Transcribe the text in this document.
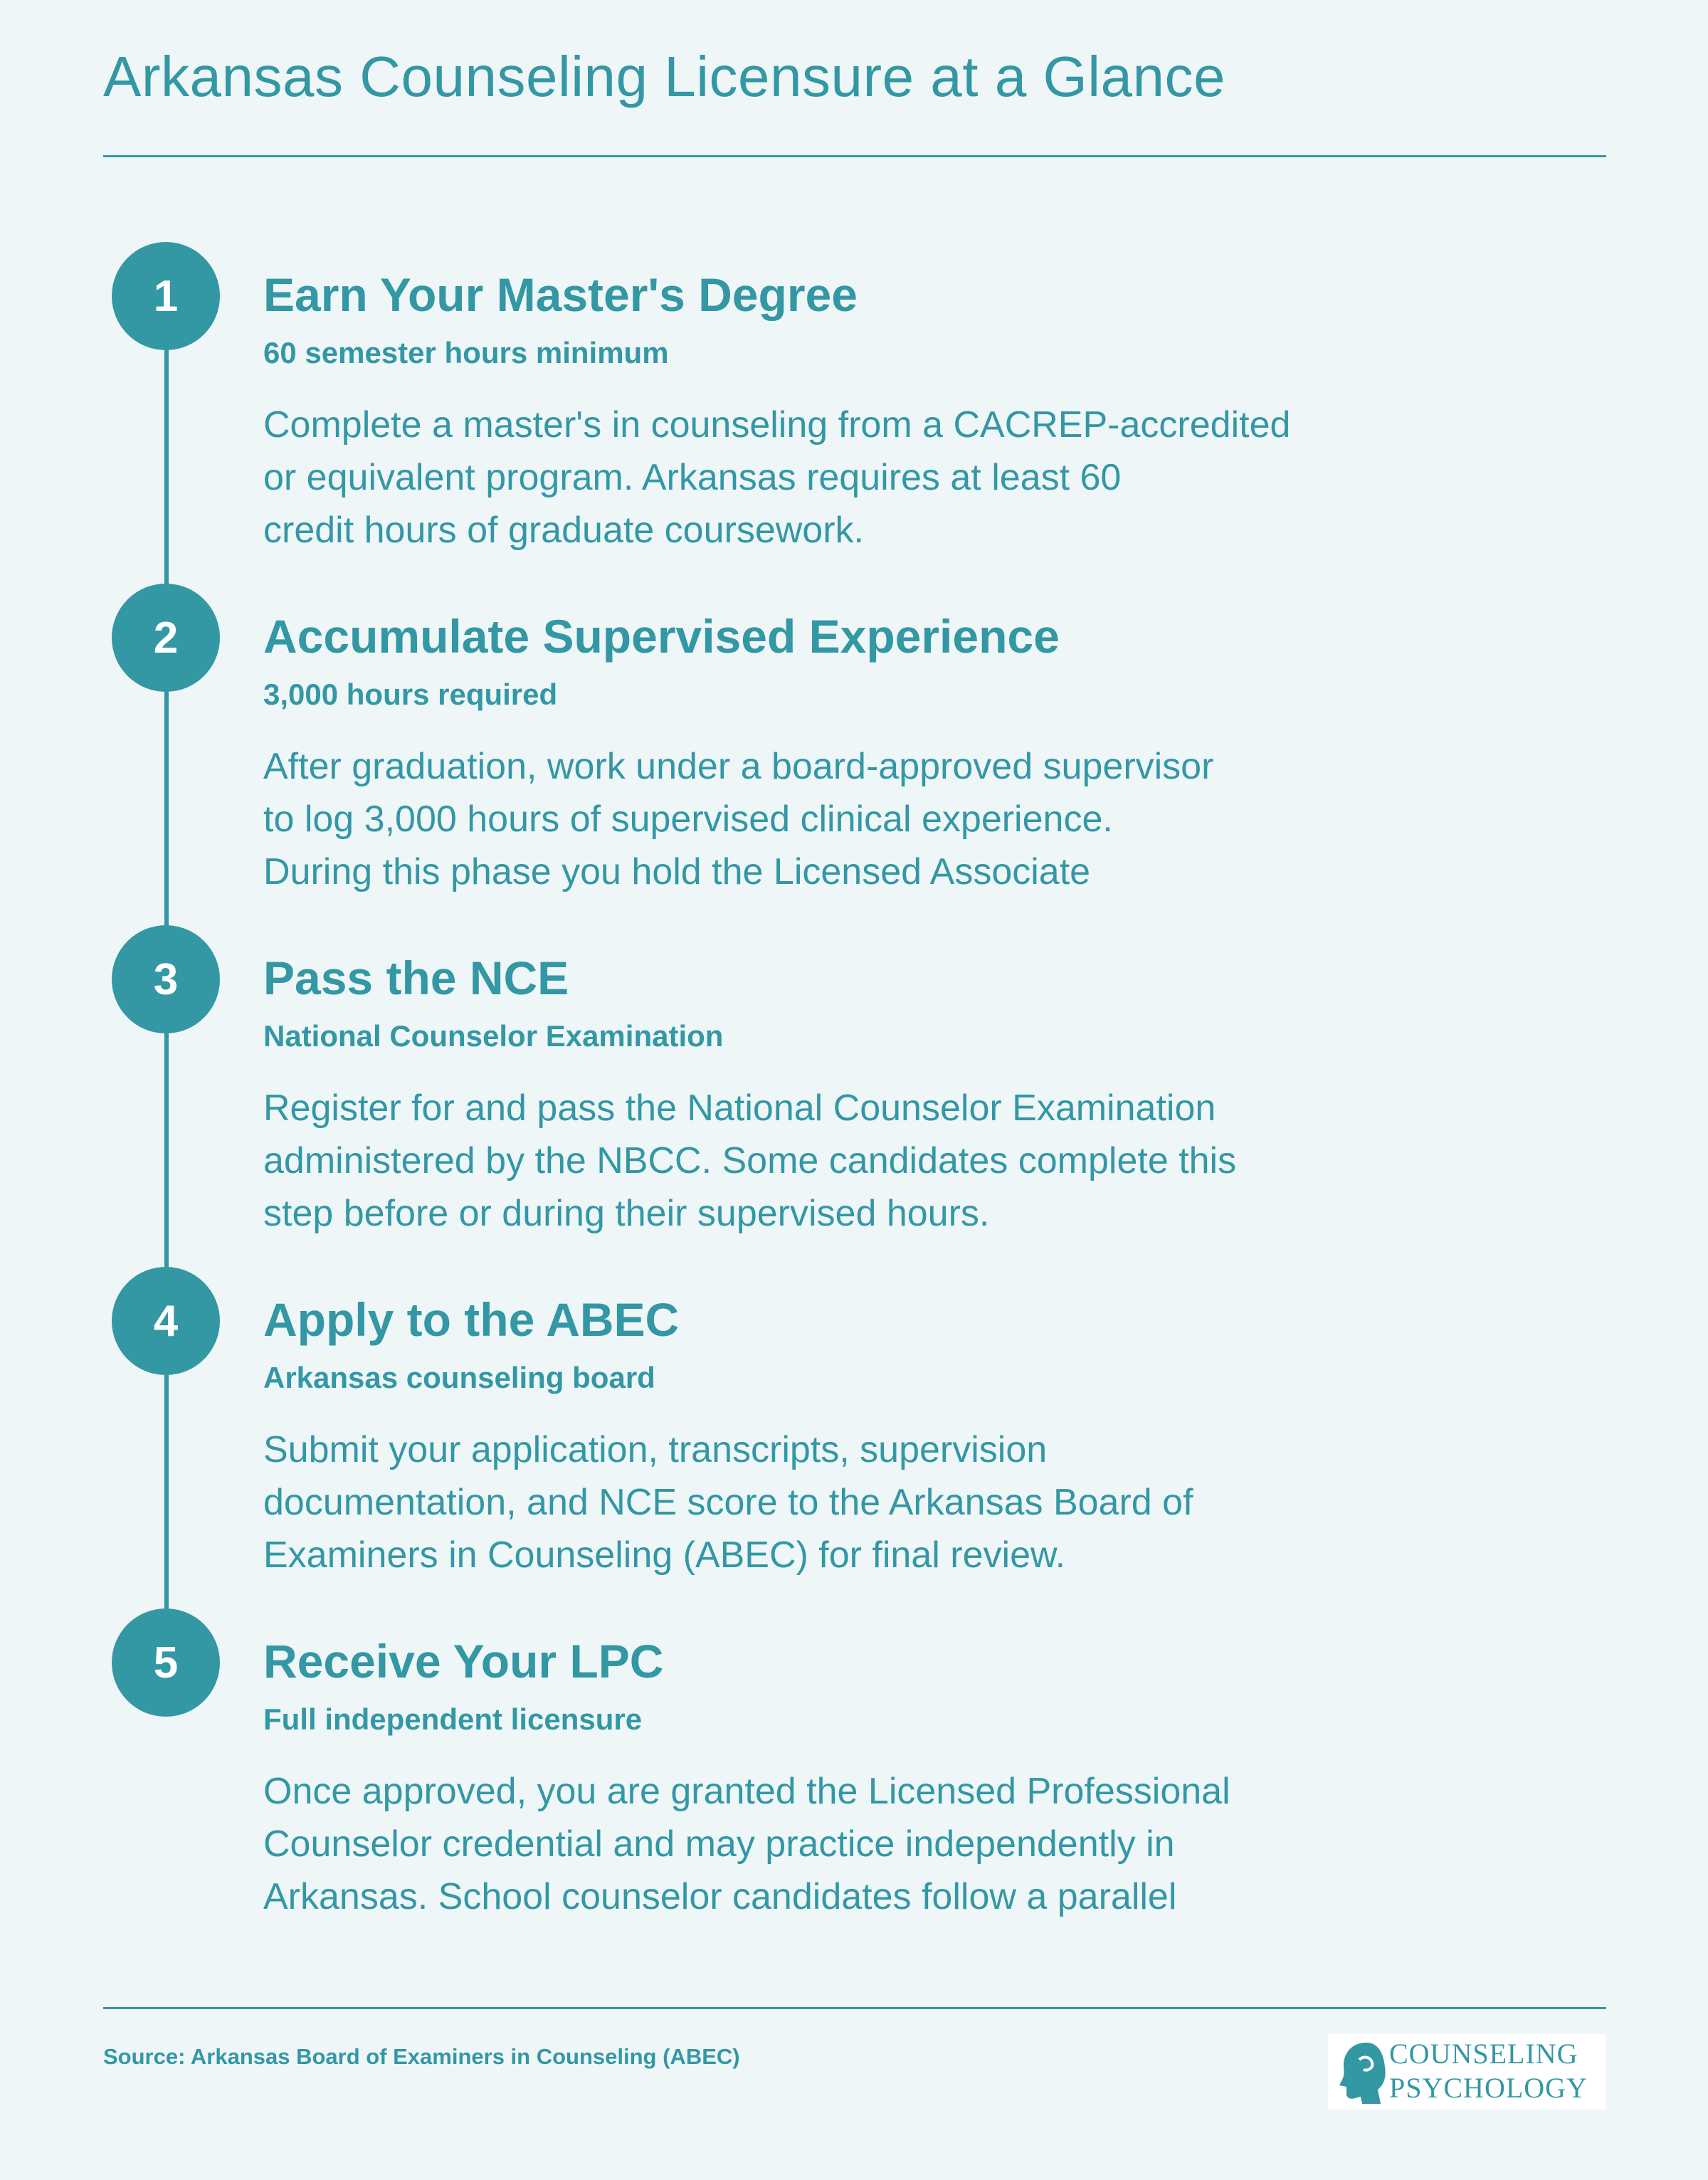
Arkansas Counseling Licensure at a Glance
1	Earn Your Master's Degree
60 semester hours minimum
Complete a master's in counseling from a CACREP-accredited
or equivalent program. Arkansas requires at least 60
credit hours of graduate coursework.
2	Accumulate Supervised Experience
3,000 hours required
After graduation, work under a board-approved supervisor
to log 3,000 hours of supervised clinical experience.
During this phase you hold the Licensed Associate
3	Pass the NCE
National Counselor Examination
Register for and pass the National Counselor Examination
administered by the NBCC. Some candidates complete this
step before or during their supervised hours.
4	Apply to the ABEC
Arkansas counseling board
Submit your application, transcripts, supervision
documentation, and NCE score to the Arkansas Board of
Examiners in Counseling (ABEC) for final review.
5	Receive Your LPC
Full independent licensure
Once approved, you are granted the Licensed Professional
Counselor credential and may practice independently in
Arkansas. School counselor candidates follow a parallel
Source: Arkansas Board of Examiners in Counseling (ABEC)	COUNSELING
PSYCHOLOGY
